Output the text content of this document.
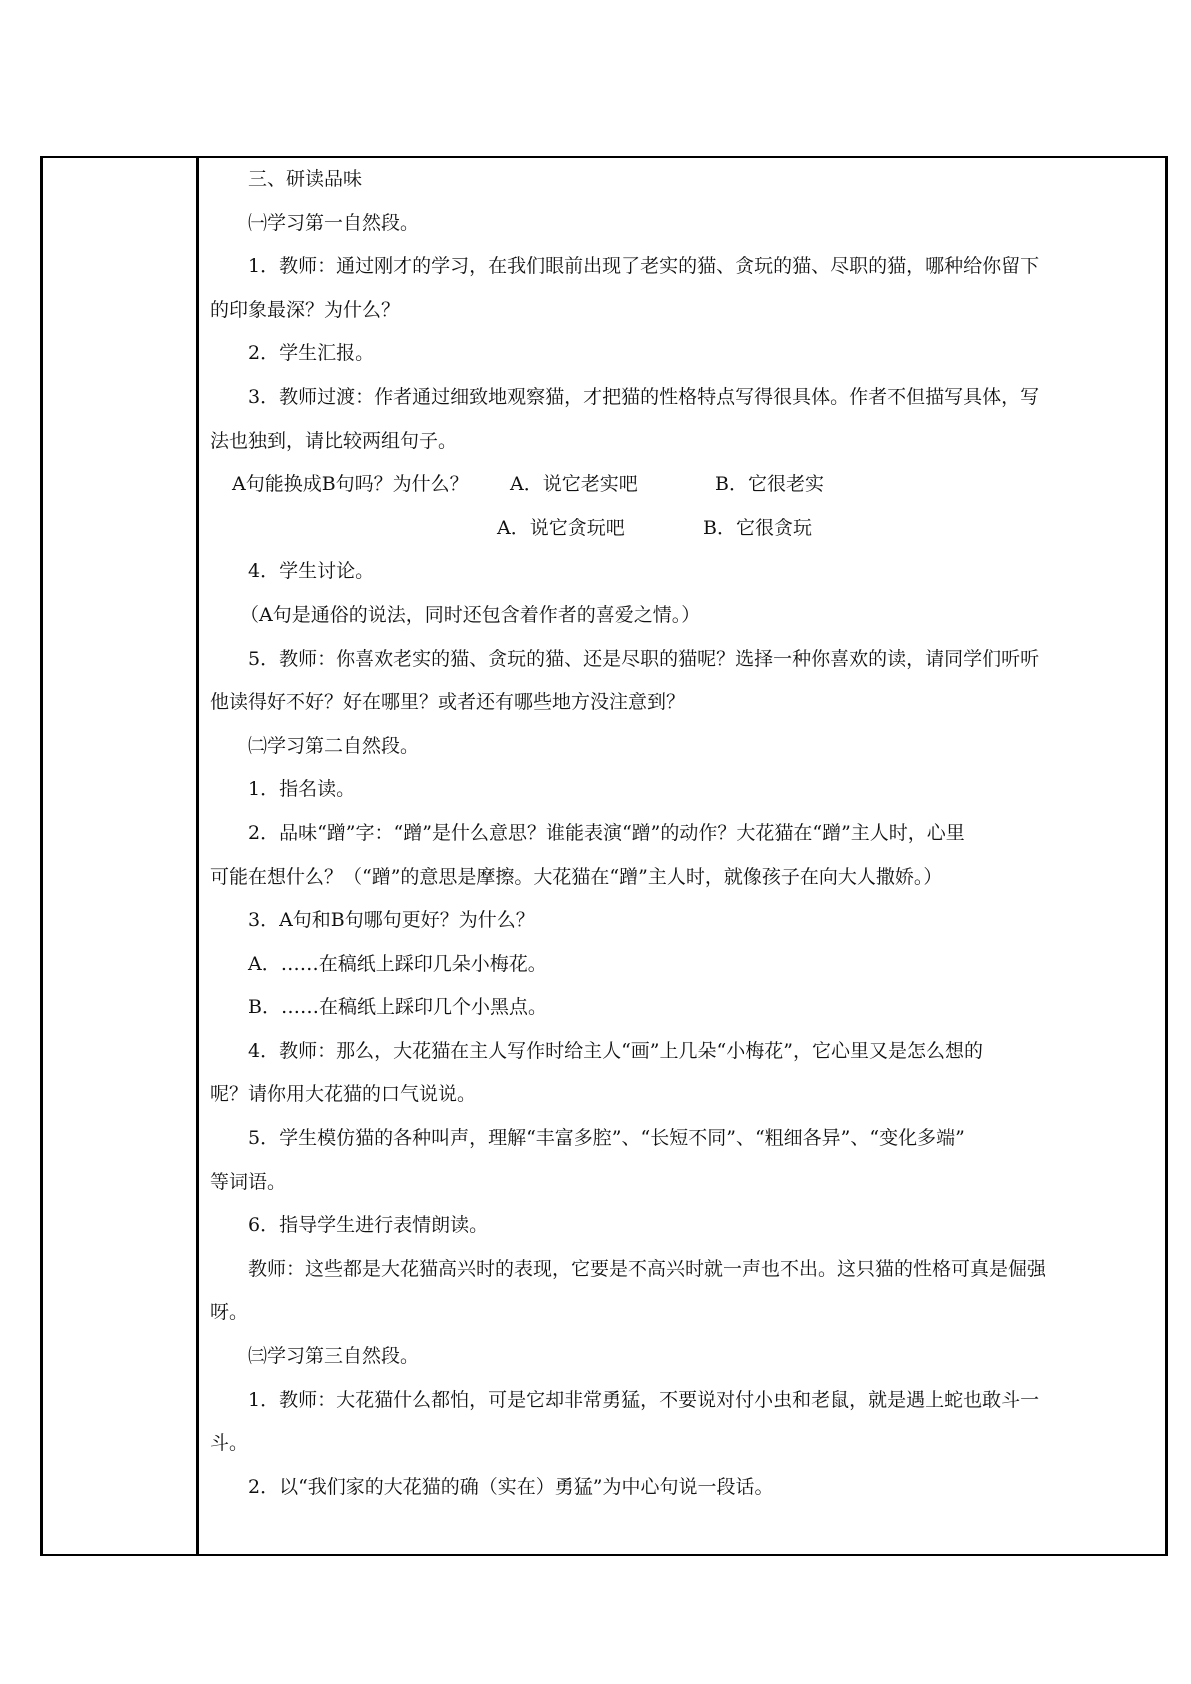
三、研读品味

㈠学习第一自然段。

1．教师：通过刚才的学习，在我们眼前出现了老实的猫、贪玩的猫、尽职的猫，哪种给你留下

的印象最深？为什么？

2．学生汇报。

3．教师过渡：作者通过细致地观察猫，才把猫的性格特点写得很具体。作者不但描写具体，写

法也独到，请比较两组句子。

A句能换成B句吗？为什么？ A．说它老实吧	B．它很老实
A．说它贪玩吧	B．它很贪玩

4．学生讨论。

（A句是通俗的说法，同时还包含着作者的喜爱之情。）

5．教师：你喜欢老实的猫、贪玩的猫、还是尽职的猫呢？选择一种你喜欢的读，请同学们听听

他读得好不好？好在哪里？或者还有哪些地方没注意到？

㈡学习第二自然段。

1．指名读。

2．品味“蹭”字：“蹭”是什么意思？谁能表演“蹭”的动作？大花猫在“蹭”主人时，心里

可能在想什么？（“蹭”的意思是摩擦。大花猫在“蹭”主人时，就像孩子在向大人撒娇。）

3．A句和B句哪句更好？为什么？

A．……在稿纸上踩印几朵小梅花。

B．……在稿纸上踩印几个小黑点。

4．教师：那么，大花猫在主人写作时给主人“画”上几朵“小梅花”，它心里又是怎么想的

呢？请你用大花猫的口气说说。

5．学生模仿猫的各种叫声，理解“丰富多腔”、“长短不同”、“粗细各异”、“变化多端”

等词语。

6．指导学生进行表情朗读。

教师：这些都是大花猫高兴时的表现，它要是不高兴时就一声也不出。这只猫的性格可真是倔强

呀。

㈢学习第三自然段。

1．教师：大花猫什么都怕，可是它却非常勇猛，不要说对付小虫和老鼠，就是遇上蛇也敢斗一

斗。

2．以“我们家的大花猫的确（实在）勇猛”为中心句说一段话。
